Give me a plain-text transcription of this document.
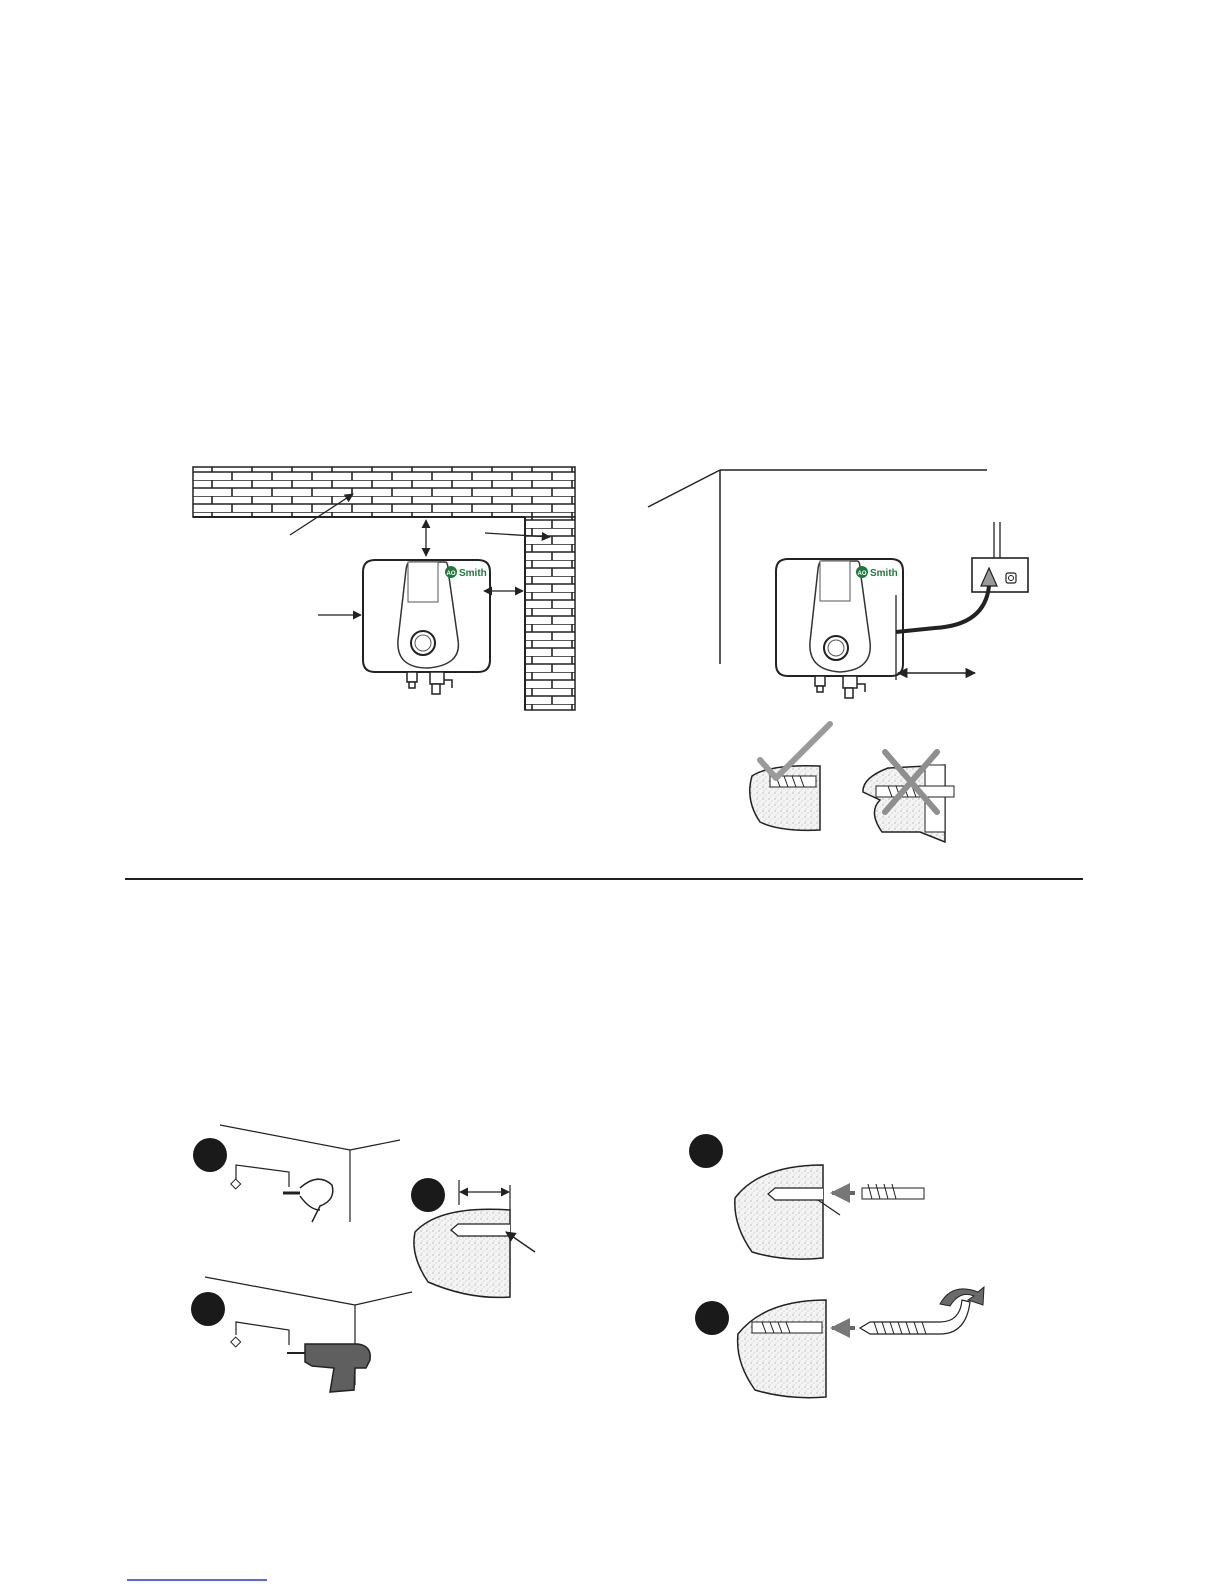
AO Smith	AO Smith
